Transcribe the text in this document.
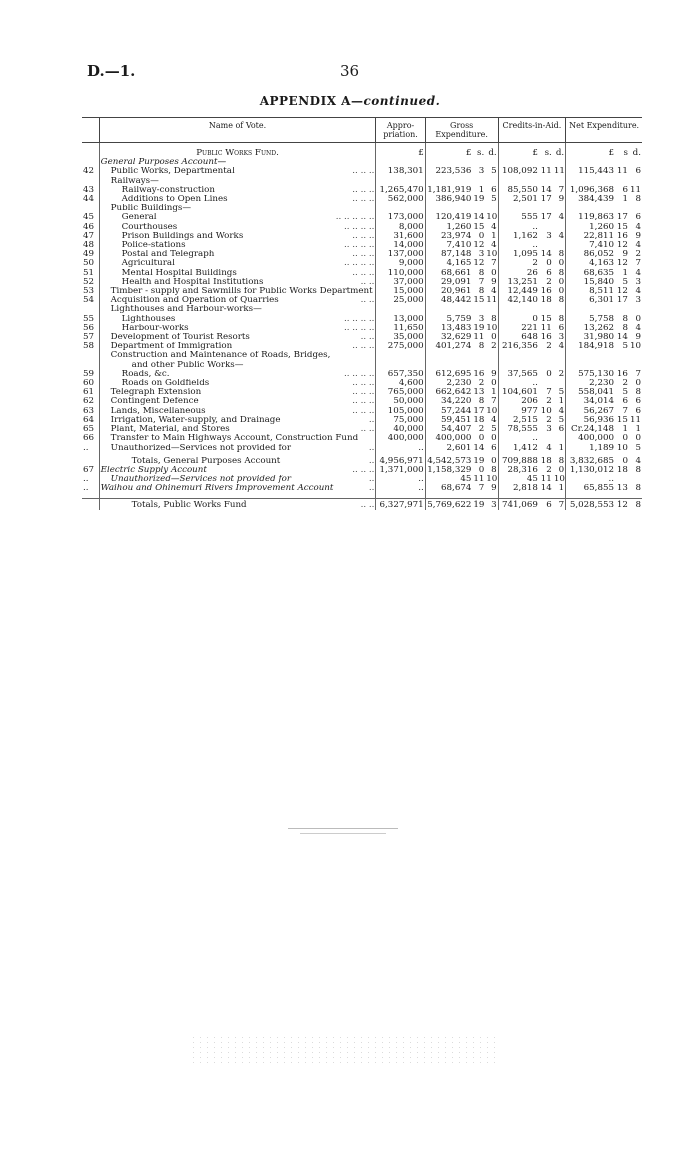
D.—1.	36
APPENDIX A—continued.
	Name of Vote.	Appro-
priation.	Gross
Expenditure.			Credits-in-Aid.			Net Expenditure.		
	Public Works Fund.	£	£	s.	d.	£	s.	d.	£	s	d.
	General Purposes Account—										
42	Public Works, Departmental .. .. ..	138,301	223,536	3	5	108,092	11	11	115,443	11	6
	Railways—										
43	Railway-construction .. .. ..	1,265,470	1,181,919	1	6	85,550	14	7	1,096,368	6	11
44	Additions to Open Lines .. .. ..	562,000	386,940	19	5	2,501	17	9	384,439	1	8
	Public Buildings—										
45	General .. .. .. .. ..	173,000	120,419	14	10	555	17	4	119,863	17	6
46	Courthouses .. .. .. ..	8,000	1,260	15	4	..			1,260	15	4
47	Prison Buildings and Works .. .. ..	31,600	23,974	0	1	1,162	3	4	22,811	16	9
48	Police-stations .. .. .. ..	14,000	7,410	12	4	..			7,410	12	4
49	Postal and Telegraph .. .. ..	137,000	87,148	3	10	1,095	14	8	86,052	9	2
50	Agricultural .. .. .. ..	9,000	4,165	12	7	2	0	0	4,163	12	7
51	Mental Hospital Buildings .. .. ..	110,000	68,661	8	0	26	6	8	68,635	1	4
52	Health and Hospital Institutions .. ..	37,000	29,091	7	9	13,251	2	0	15,840	5	3
53	Timber - supply and Sawmills for Public Works Department	15,000	20,961	8	4	12,449	16	0	8,511	12	4
54	Acquisition and Operation of Quarries .. ..	25,000	48,442	15	11	42,140	18	8	6,301	17	3
	Lighthouses and Harbour-works—										
55	Lighthouses .. .. .. ..	13,000	5,759	3	8	0	15	8	5,758	8	0
56	Harbour-works .. .. .. ..	11,650	13,483	19	10	221	11	6	13,262	8	4
57	Development of Tourist Resorts .. ..	35,000	32,629	11	0	648	16	3	31,980	14	9
58	Department of Immigration .. .. ..	275,000	401,274	8	2	216,356	2	4	184,918	5	10
	Construction and Maintenance of Roads, Bridges,										
	and other Public Works—										
59	Roads, &c. .. .. .. ..	657,350	612,695	16	9	37,565	0	2	575,130	16	7
60	Roads on Goldfields .. .. ..	4,600	2,230	2	0	..			2,230	2	0
61	Telegraph Extension .. .. ..	765,000	662,642	13	1	104,601	7	5	558,041	5	8
62	Contingent Defence .. .. ..	50,000	34,220	8	7	206	2	1	34,014	6	6
63	Lands, Miscellaneous .. .. ..	105,000	57,244	17	10	977	10	4	56,267	7	6
64	Irrigation, Water-supply, and Drainage ..	75,000	59,451	18	4	2,515	2	5	56,936	15	11
65	Plant, Material, and Stores .. ..	40,000	54,407	2	5	78,555	3	6	Cr.24,148	1	1
66	Transfer to Main Highways Account, Construction Fund	400,000	400,000	0	0	..			400,000	0	0
..	Unauthorized—Services not provided for ..	..	2,601	14	6	1,412	4	1	1,189	10	5

	Totals, General Purposes Account ..	4,956,971	4,542,573	19	0	709,888	18	8	3,832,685	0	4
67	Electric Supply Account .. .. ..	1,371,000	1,158,329	0	8	28,316	2	0	1,130,012	18	8
..	Unauthorized—Services not provided for ..	..	45	11	10	45	11	10	..		
..	Waihou and Ohinemuri Rivers Improvement Account ..	..	68,674	7	9	2,818	14	1	65,855	13	8

	Totals, Public Works Fund .. ..	6,327,971	5,769,622	19	3	741,069	6	7	5,028,553	12	8
